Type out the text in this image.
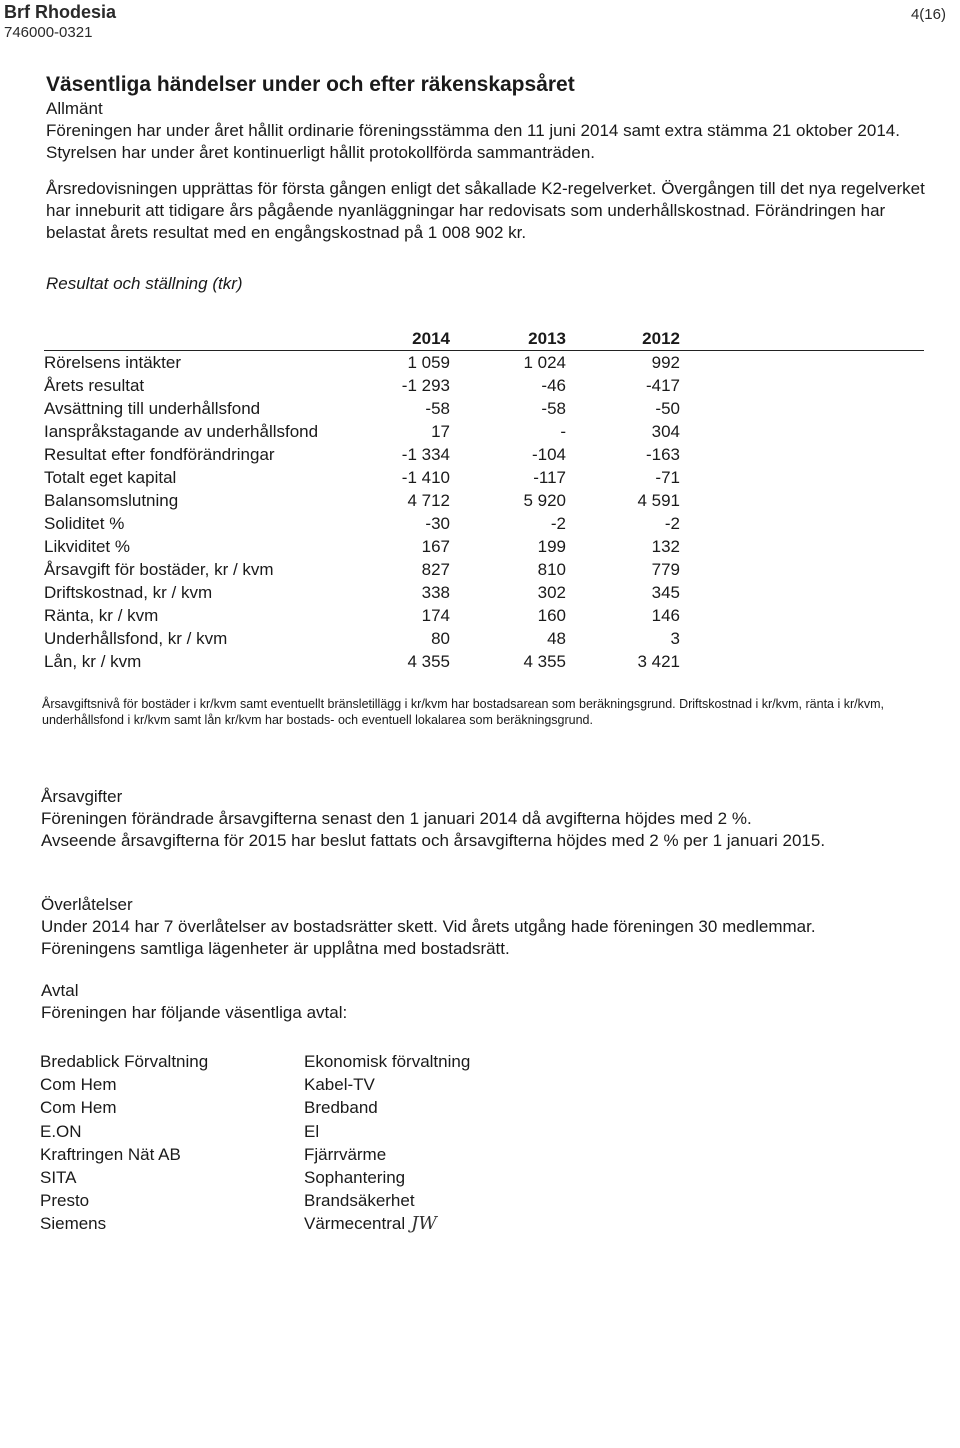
Brf Rhodesia
746000-0321
4(16)
Väsentliga händelser under och efter räkenskapsåret

Allmänt

Föreningen har under året hållit ordinarie föreningsstämma den 11 juni 2014 samt extra stämma 21 oktober 2014. Styrelsen har under året kontinuerligt hållit protokollförda sammanträden.

Årsredovisningen upprättas för första gången enligt det såkallade K2-regelverket. Övergången till det nya regelverket har inneburit att tidigare års pågående nyanläggningar har redovisats som underhållskostnad. Förändringen har belastat årets resultat med en engångskostnad på 1 008 902 kr.

Resultat och ställning (tkr)

	2014	2013	2012	
Rörelsens intäkter	1 059	1 024	992	
Årets resultat	-1 293	-46	-417	
Avsättning till underhållsfond	-58	-58	-50	
Ianspråkstagande av underhållsfond	17	-	304	
Resultat efter fondförändringar	-1 334	-104	-163	
Totalt eget kapital	-1 410	-117	-71	
Balansomslutning	4 712	5 920	4 591	
Soliditet %	-30	-2	-2	
Likviditet %	167	199	132	
Årsavgift för bostäder, kr / kvm	827	810	779	
Driftskostnad, kr / kvm	338	302	345	
Ränta, kr / kvm	174	160	146	
Underhållsfond, kr / kvm	80	48	3	
Lån, kr / kvm	4 355	4 355	3 421	

Årsavgiftsnivå för bostäder i kr/kvm samt eventuellt bränsletillägg i kr/kvm har bostadsarean som beräkningsgrund. Driftskostnad i kr/kvm, ränta i kr/kvm, underhållsfond i kr/kvm samt lån kr/kvm har bostads- och eventuell lokalarea som beräkningsgrund.

Årsavgifter

Föreningen förändrade årsavgifterna senast den 1 januari 2014 då avgifterna höjdes med 2 %.

Avseende årsavgifterna för 2015 har beslut fattats och årsavgifterna höjdes med 2 % per 1 januari 2015.

Överlåtelser

Under 2014 har 7 överlåtelser av bostadsrätter skett. Vid årets utgång hade föreningen 30 medlemmar. Föreningens samtliga lägenheter är upplåtna med bostadsrätt.

Avtal

Föreningen har följande väsentliga avtal:

Bredablick Förvaltning	Ekonomisk förvaltning
Com Hem	Kabel-TV
Com Hem	Bredband
E.ON	El
Kraftringen Nät AB	Fjärrvärme
SITA	Sophantering
Presto	Brandsäkerhet
Siemens	Värmecentral JW
